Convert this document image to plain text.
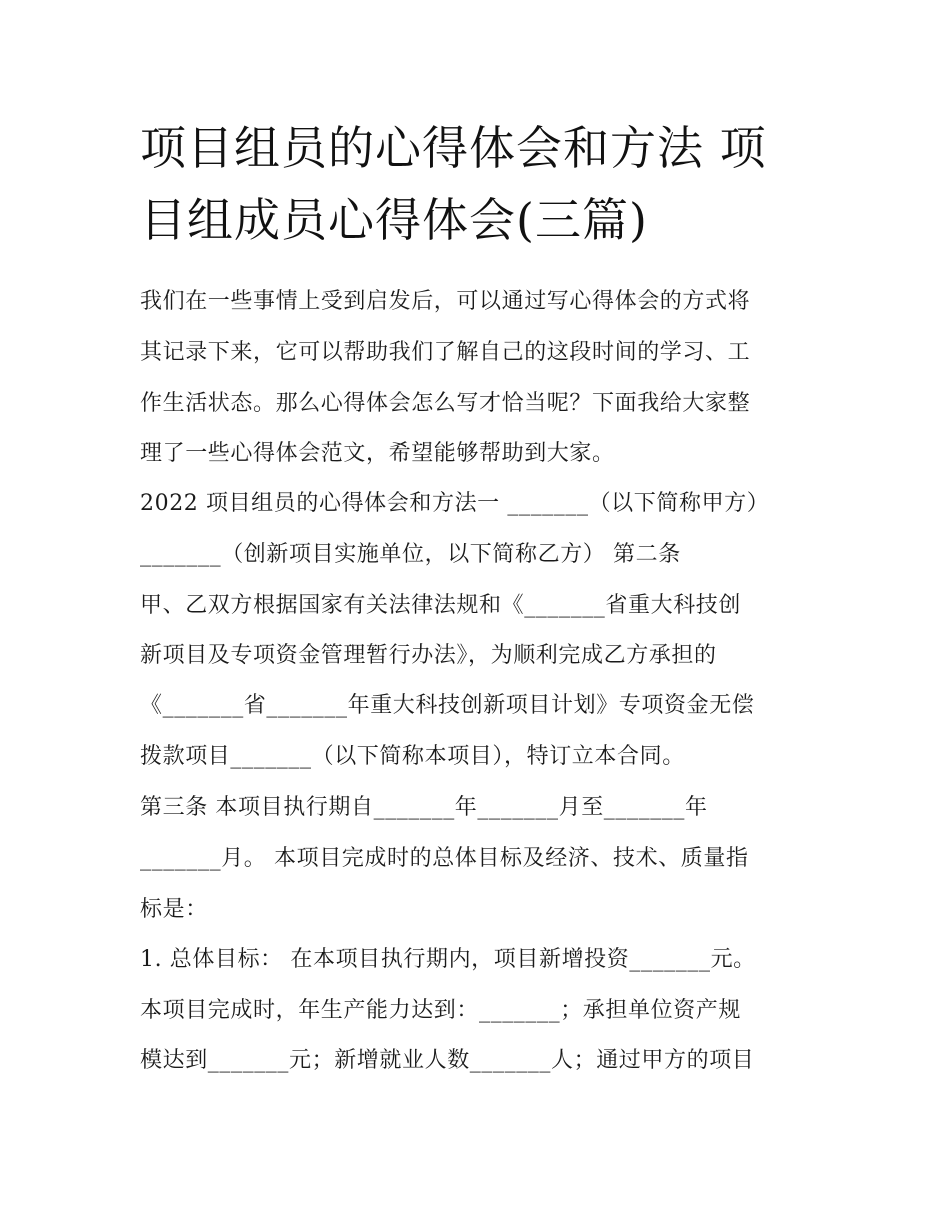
项目组员的心得体会和方法 项
目组成员心得体会(三篇)
我们在一些事情上受到启发后，可以通过写心得体会的方式将
其记录下来，它可以帮助我们了解自己的这段时间的学习、工
作生活状态。那么心得体会怎么写才恰当呢？下面我给大家整
理了一些心得体会范文，希望能够帮助到大家。
2022 项目组员的心得体会和方法一 _______（以下简称甲方）
_______（创新项目实施单位，以下简称乙方） 第二条
甲、乙双方根据国家有关法律法规和《_______省重大科技创
新项目及专项资金管理暂行办法》，为顺利完成乙方承担的
《_______省_______年重大科技创新项目计划》专项资金无偿
拨款项目_______（以下简称本项目），特订立本合同。
第三条 本项目执行期自_______年_______月至_______年
_______月。 本项目完成时的总体目标及经济、技术、质量指
标是：
1. 总体目标： 在本项目执行期内，项目新增投资_______元。
本项目完成时，年生产能力达到：_______；承担单位资产规
模达到_______元；新增就业人数_______人；通过甲方的项目
